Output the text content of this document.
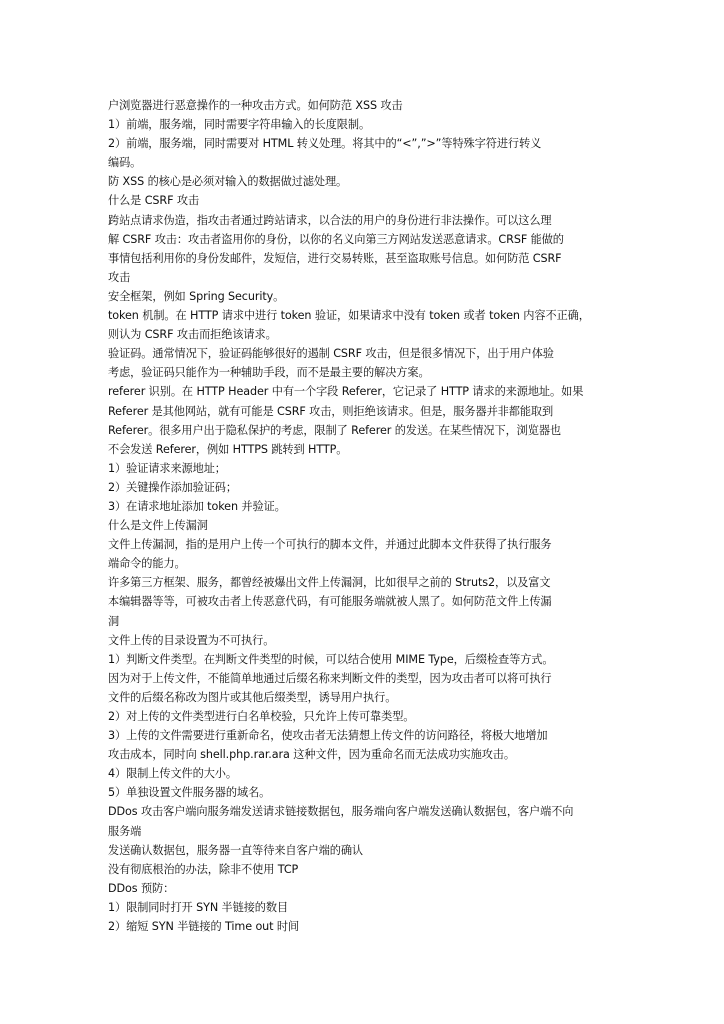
户浏览器进行恶意操作的一种攻击方式。如何防范 XSS 攻击
1）前端，服务端，同时需要字符串输入的长度限制。
2）前端，服务端，同时需要对 HTML 转义处理。将其中的“<”,”>”等特殊字符进行转义
编码。
防 XSS 的核心是必须对输入的数据做过滤处理。
什么是 CSRF 攻击
跨站点请求伪造，指攻击者通过跨站请求，以合法的用户的身份进行非法操作。可以这么理
解 CSRF 攻击：攻击者盗用你的身份，以你的名义向第三方网站发送恶意请求。CRSF 能做的
事情包括利用你的身份发邮件，发短信，进行交易转账，甚至盗取账号信息。如何防范 CSRF
攻击
安全框架，例如 Spring Security。
token 机制。在 HTTP 请求中进行 token 验证，如果请求中没有 token 或者 token 内容不正确，
则认为 CSRF 攻击而拒绝该请求。
验证码。通常情况下，验证码能够很好的遏制 CSRF 攻击，但是很多情况下，出于用户体验
考虑，验证码只能作为一种辅助手段，而不是最主要的解决方案。
referer 识别。在 HTTP Header 中有一个字段 Referer，它记录了 HTTP 请求的来源地址。如果
Referer 是其他网站，就有可能是 CSRF 攻击，则拒绝该请求。但是，服务器并非都能取到
Referer。很多用户出于隐私保护的考虑，限制了 Referer 的发送。在某些情况下，浏览器也
不会发送 Referer，例如 HTTPS 跳转到 HTTP。
1）验证请求来源地址；
2）关键操作添加验证码；
3）在请求地址添加 token 并验证。
什么是文件上传漏洞
文件上传漏洞，指的是用户上传一个可执行的脚本文件，并通过此脚本文件获得了执行服务
端命令的能力。
许多第三方框架、服务，都曾经被爆出文件上传漏洞，比如很早之前的 Struts2，以及富文
本编辑器等等，可被攻击者上传恶意代码，有可能服务端就被人黑了。如何防范文件上传漏
洞
文件上传的目录设置为不可执行。
1）判断文件类型。在判断文件类型的时候，可以结合使用 MIME Type，后缀检查等方式。
因为对于上传文件，不能简单地通过后缀名称来判断文件的类型，因为攻击者可以将可执行
文件的后缀名称改为图片或其他后缀类型，诱导用户执行。
2）对上传的文件类型进行白名单校验，只允许上传可靠类型。
3）上传的文件需要进行重新命名，使攻击者无法猜想上传文件的访问路径，将极大地增加
攻击成本，同时向 shell.php.rar.ara 这种文件，因为重命名而无法成功实施攻击。
4）限制上传文件的大小。
5）单独设置文件服务器的域名。
DDos 攻击客户端向服务端发送请求链接数据包，服务端向客户端发送确认数据包，客户端不向
服务端
发送确认数据包，服务器一直等待来自客户端的确认
没有彻底根治的办法，除非不使用 TCP
DDos 预防：
1）限制同时打开 SYN 半链接的数目
2）缩短 SYN 半链接的 Time out 时间
